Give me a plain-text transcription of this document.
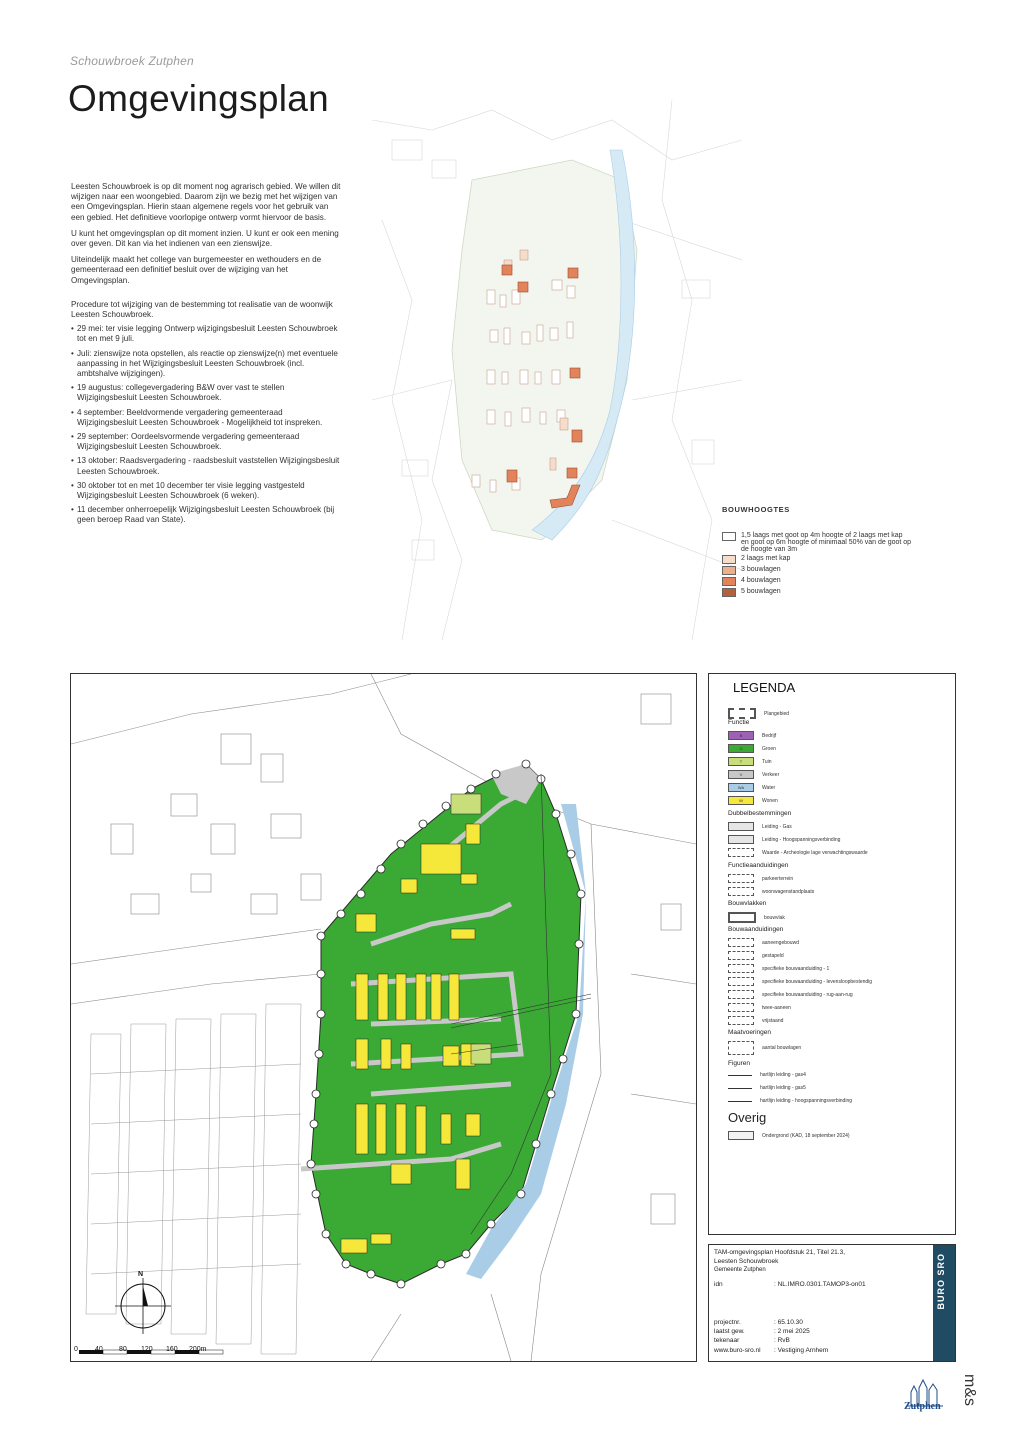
Schouwbroek Zutphen
Omgevingsplan

Leesten Schouwbroek is op dit moment nog agrarisch gebied. We willen dit wijzigen naar een woongebied. Daarom zijn we bezig met het wijzigen van een Omgevingsplan. Hierin staan algemene regels voor het gebruik van een gebied. Het definitieve voorlopige ontwerp vormt hiervoor de basis.

U kunt het omgevingsplan op dit moment inzien. U kunt er ook een mening over geven. Dit kan via het indienen van een zienswijze.

Uiteindelijk maakt het college van burgemeester en wethouders en de gemeenteraad een definitief besluit over de wijziging van het Omgevingsplan.

Procedure tot wijziging van de bestemming tot realisatie van de woonwijk Leesten Schouwbroek.

• 29 mei: ter visie legging Ontwerp wijzigingsbesluit Leesten Schouwbroek tot en met 9 juli.
• Juli: zienswijze nota opstellen, als reactie op zienswijze(n) met eventuele aanpassing in het Wijzigingsbesluit Leesten Schouwbroek (incl. ambtshalve wijzigingen).
• 19 augustus: collegevergadering B&W over vast te stellen Wijzigingsbesluit Leesten Schouwbroek.
• 4 september: Beeldvormende vergadering gemeenteraad Wijzigingsbesluit Leesten Schouwbroek - Mogelijkheid tot inspreken.
• 29 september: Oordeelsvormende vergadering gemeenteraad Wijzigingsbesluit Leesten Schouwbroek.
• 13 oktober: Raadsvergadering - raadsbesluit vaststellen Wijzigingsbesluit Leesten Schouwbroek.
• 30 oktober tot en met 10 december ter visie legging vastgesteld Wijzigingsbesluit Leesten Schouwbroek (6 weken).
• 11 december onherroepelijk Wijzigingsbesluit Leesten Schouwbroek (bij geen beroep Raad van State).
BOUWHOOGTES
1,5 laags met goot op 4m hoogte of 2 laags met kap en goot op 6m hoogte of minimaal 50% van de goot op de hoogte van 3m
2 laags met kap
3 bouwlagen
4 bouwlagen
5 bouwlagen
N
0 40 80 120 160 200m
LEGENDA
Plangebied
Functie
B	Bedrijf
G	Groen
T	Tuin
V	Verkeer
WA	Water
W	Wonen
Dubbelbestemmingen
Leiding - Gas
Leiding - Hoogspanningsverbinding
Waarde - Archeologie lage verwachtingswaarde
Functieaanduidingen
parkeerterrein
woonwagenstandplaats
Bouwvlakken
bouwvlak
Bouwaanduidingen
aaneengebouwd
gestapeld
specifieke bouwaanduiding - 1
specifieke bouwaanduiding - levensloopbestendig
specifieke bouwaanduiding - rug-aan-rug
twee-aaneen
vrijstaand
Maatvoeringen
aantal bouwlagen
Figuren
hartlijn leiding - gas4
hartlijn leiding - gas5
hartlijn leiding - hoogspanningsverbinding
Overig
Ondergrond (KAD, 18 september 2024)
TAM-omgevingsplan Hoofdstuk 21, Titel 21.3,
Leesten Schouwbroek
Gemeente Zutphen
idn	: NL.IMRO.0301.TAMOP3-on01
projectnr.	: 65.10.30
laatst gew.	: 2 mei 2025
tekenaar	: RvB
www.buro-sro.nl	: Vestiging Arnhem
BURO SRO
Zutphen
m&s
